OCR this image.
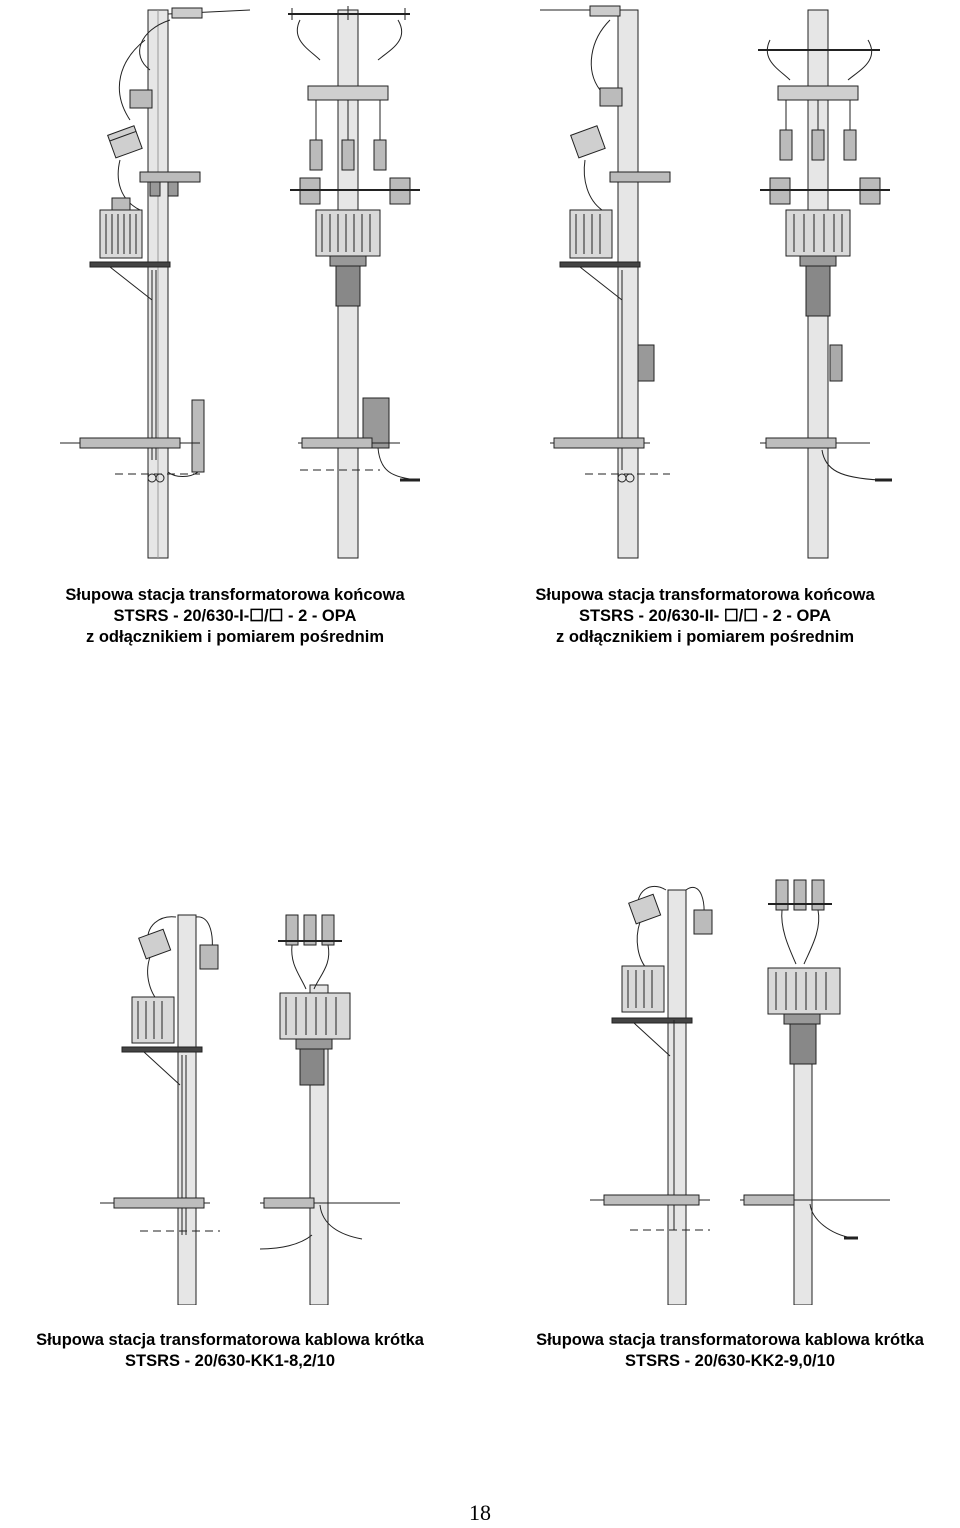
Słupowa stacja transformatorowa końcowa
STSRS - 20/630-I-☐/☐ - 2 - OPA
z odłącznikiem i pomiarem pośrednim
Słupowa stacja transformatorowa końcowa
STSRS - 20/630-II- ☐/☐ - 2 - OPA
z odłącznikiem i pomiarem pośrednim
Słupowa stacja transformatorowa kablowa krótka
STSRS - 20/630-KK1-8,2/10
Słupowa stacja transformatorowa kablowa krótka
STSRS - 20/630-KK2-9,0/10
18
